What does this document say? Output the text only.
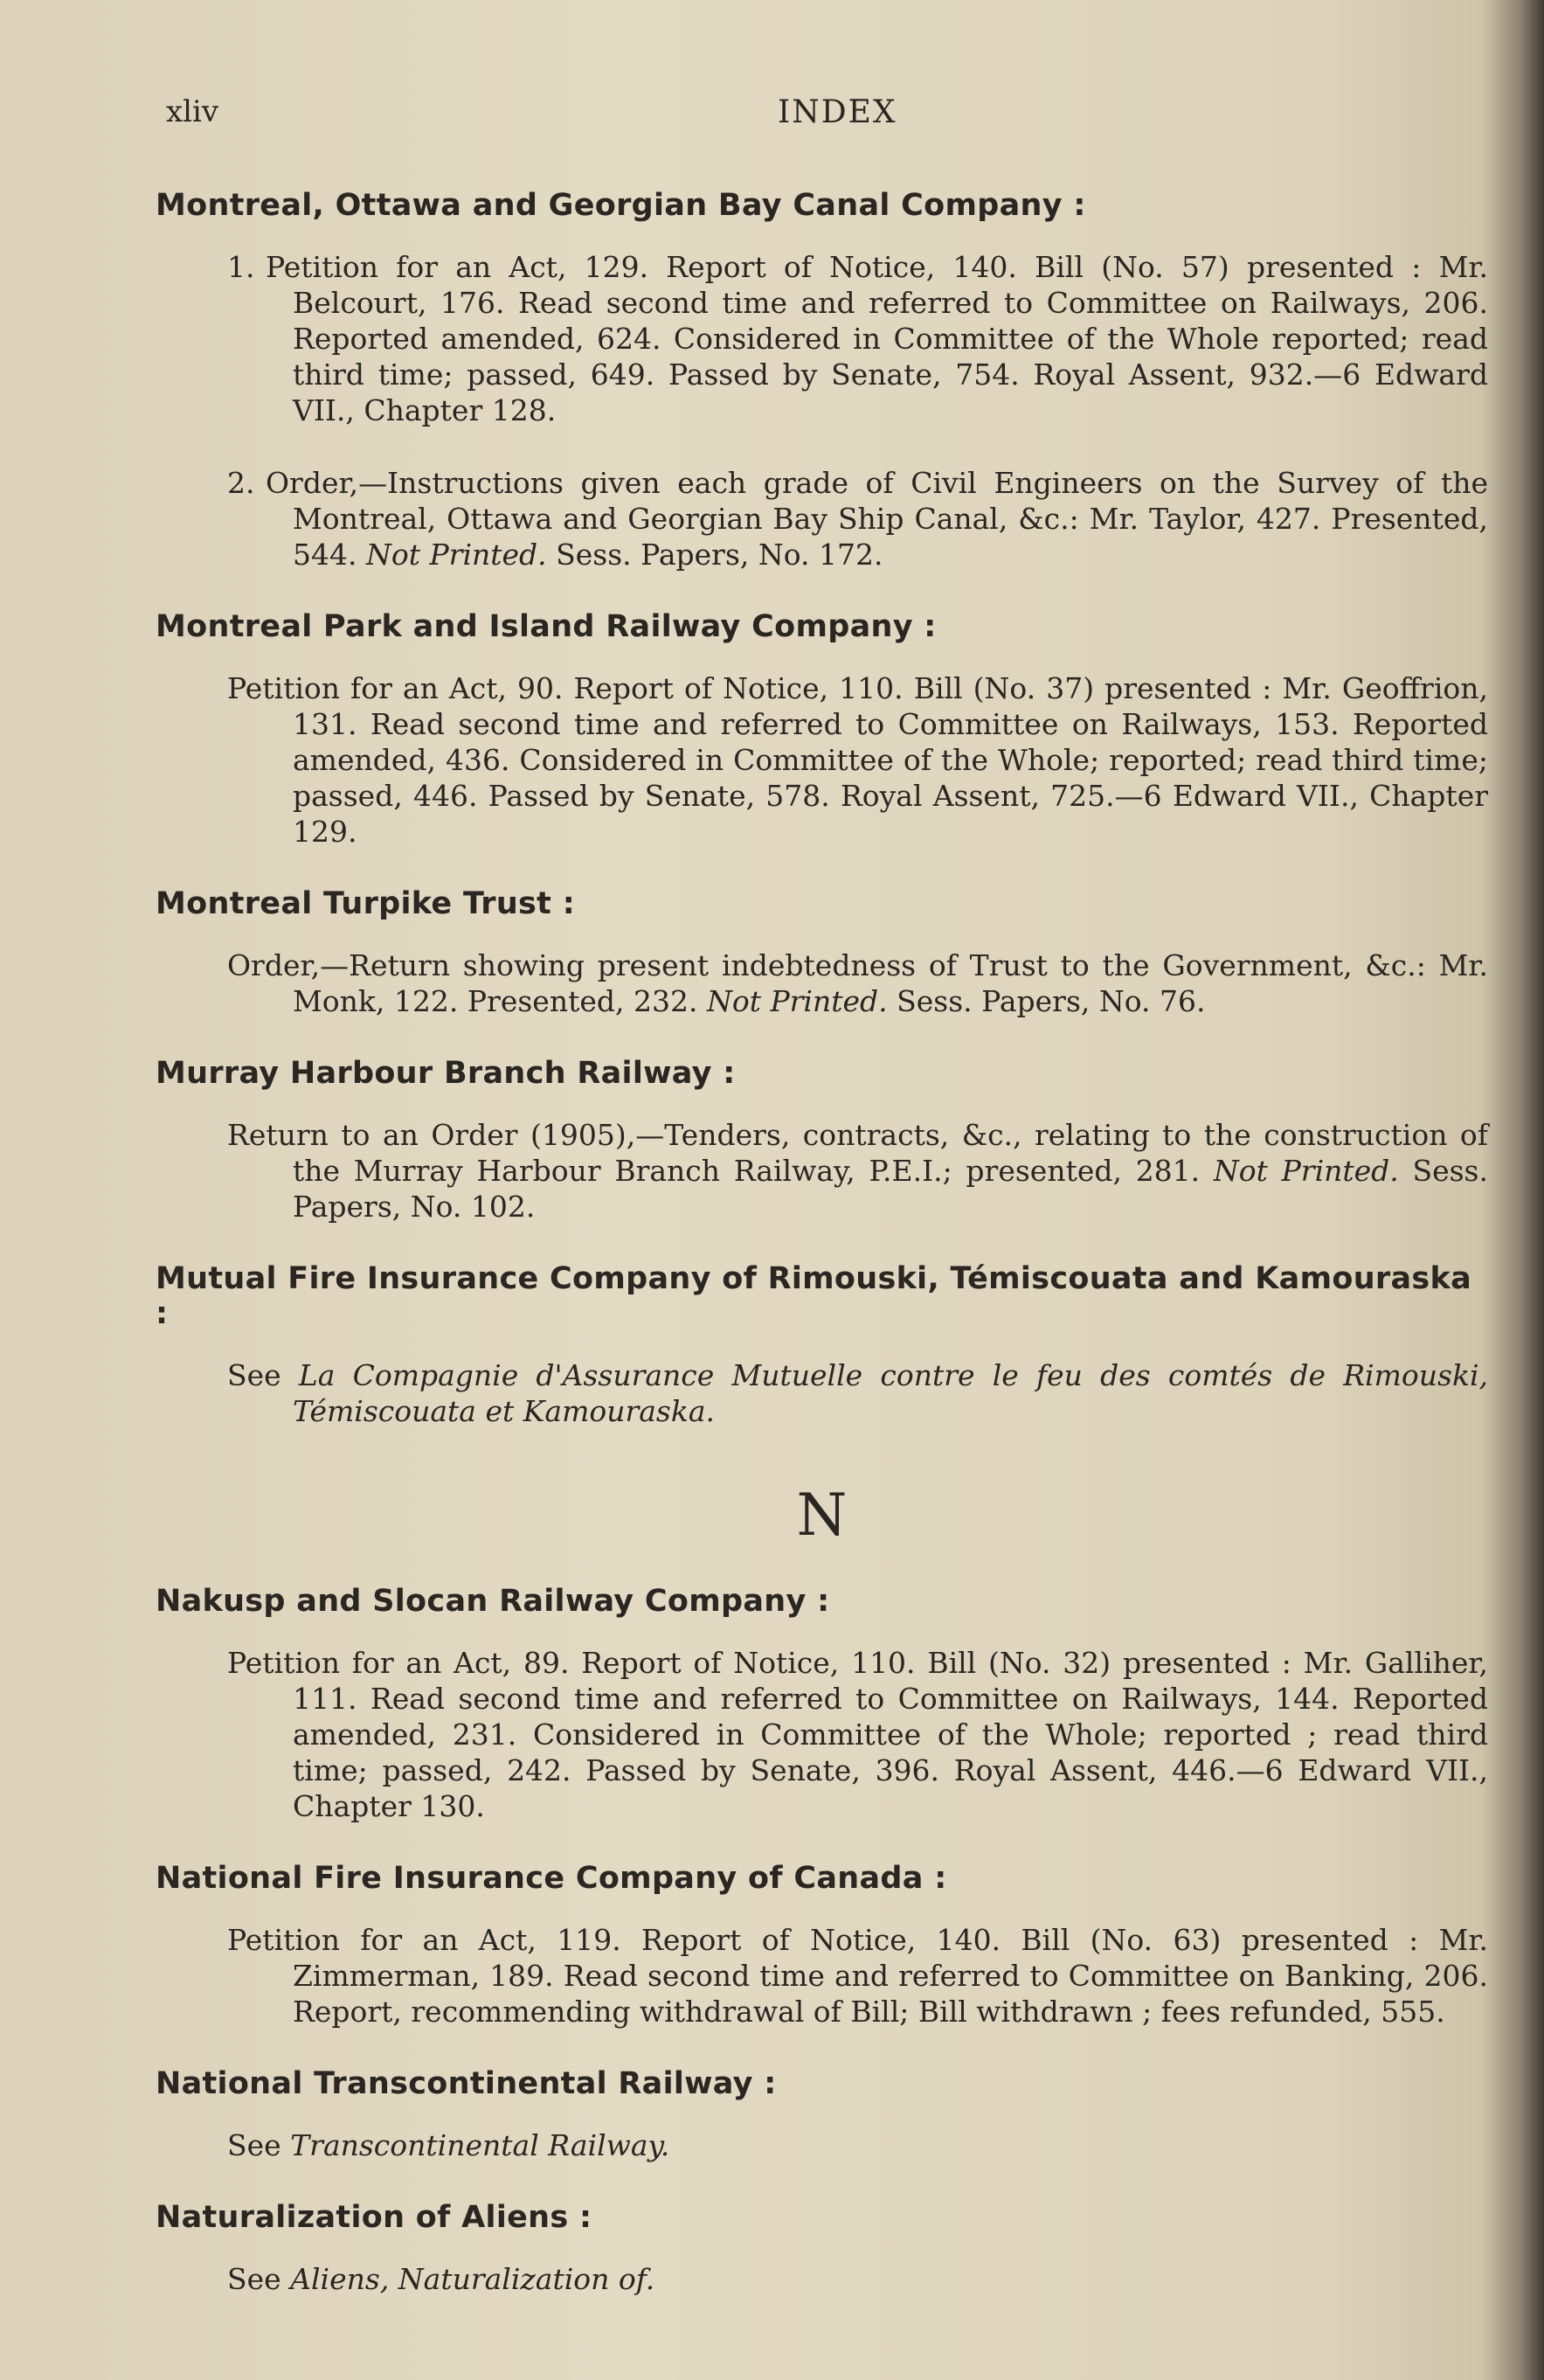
xliv	INDEX
Montreal, Ottawa and Georgian Bay Canal Company :
1. Petition for an Act, 129. Report of Notice, 140. Bill (No. 57) presented : Mr. Belcourt, 176. Read second time and referred to Committee on Railways, 206. Reported amended, 624. Considered in Committee of the Whole reported; read third time; passed, 649. Passed by Senate, 754. Royal Assent, 932.—6 Edward VII., Chapter 128.
2. Order,—Instructions given each grade of Civil Engineers on the Survey of the Montreal, Ottawa and Georgian Bay Ship Canal, &c.: Mr. Taylor, 427. Presented, 544. Not Printed. Sess. Papers, No. 172.
Montreal Park and Island Railway Company :
Petition for an Act, 90. Report of Notice, 110. Bill (No. 37) presented : Mr. Geoffrion, 131. Read second time and referred to Committee on Railways, 153. Reported amended, 436. Considered in Committee of the Whole; reported; read third time; passed, 446. Passed by Senate, 578. Royal Assent, 725.—6 Edward VII., Chapter 129.
Montreal Turpike Trust :
Order,—Return showing present indebtedness of Trust to the Government, &c.: Mr. Monk, 122. Presented, 232. Not Printed. Sess. Papers, No. 76.
Murray Harbour Branch Railway :
Return to an Order (1905),—Tenders, contracts, &c., relating to the construction of the Murray Harbour Branch Railway, P.E.I.; presented, 281. Not Printed. Sess. Papers, No. 102.
Mutual Fire Insurance Company of Rimouski, Témiscouata and Kamouraska :
See La Compagnie d'Assurance Mutuelle contre le feu des comtés de Rimouski, Témiscouata et Kamouraska.
N
Nakusp and Slocan Railway Company :
Petition for an Act, 89. Report of Notice, 110. Bill (No. 32) presented : Mr. Galliher, 111. Read second time and referred to Committee on Railways, 144. Reported amended, 231. Considered in Committee of the Whole; reported ; read third time; passed, 242. Passed by Senate, 396. Royal Assent, 446.—6 Edward VII., Chapter 130.
National Fire Insurance Company of Canada :
Petition for an Act, 119. Report of Notice, 140. Bill (No. 63) presented : Mr. Zimmerman, 189. Read second time and referred to Committee on Banking, 206. Report, recommending withdrawal of Bill; Bill withdrawn ; fees refunded, 555.
National Transcontinental Railway :
See Transcontinental Railway.
Naturalization of Aliens :
See Aliens, Naturalization of.
